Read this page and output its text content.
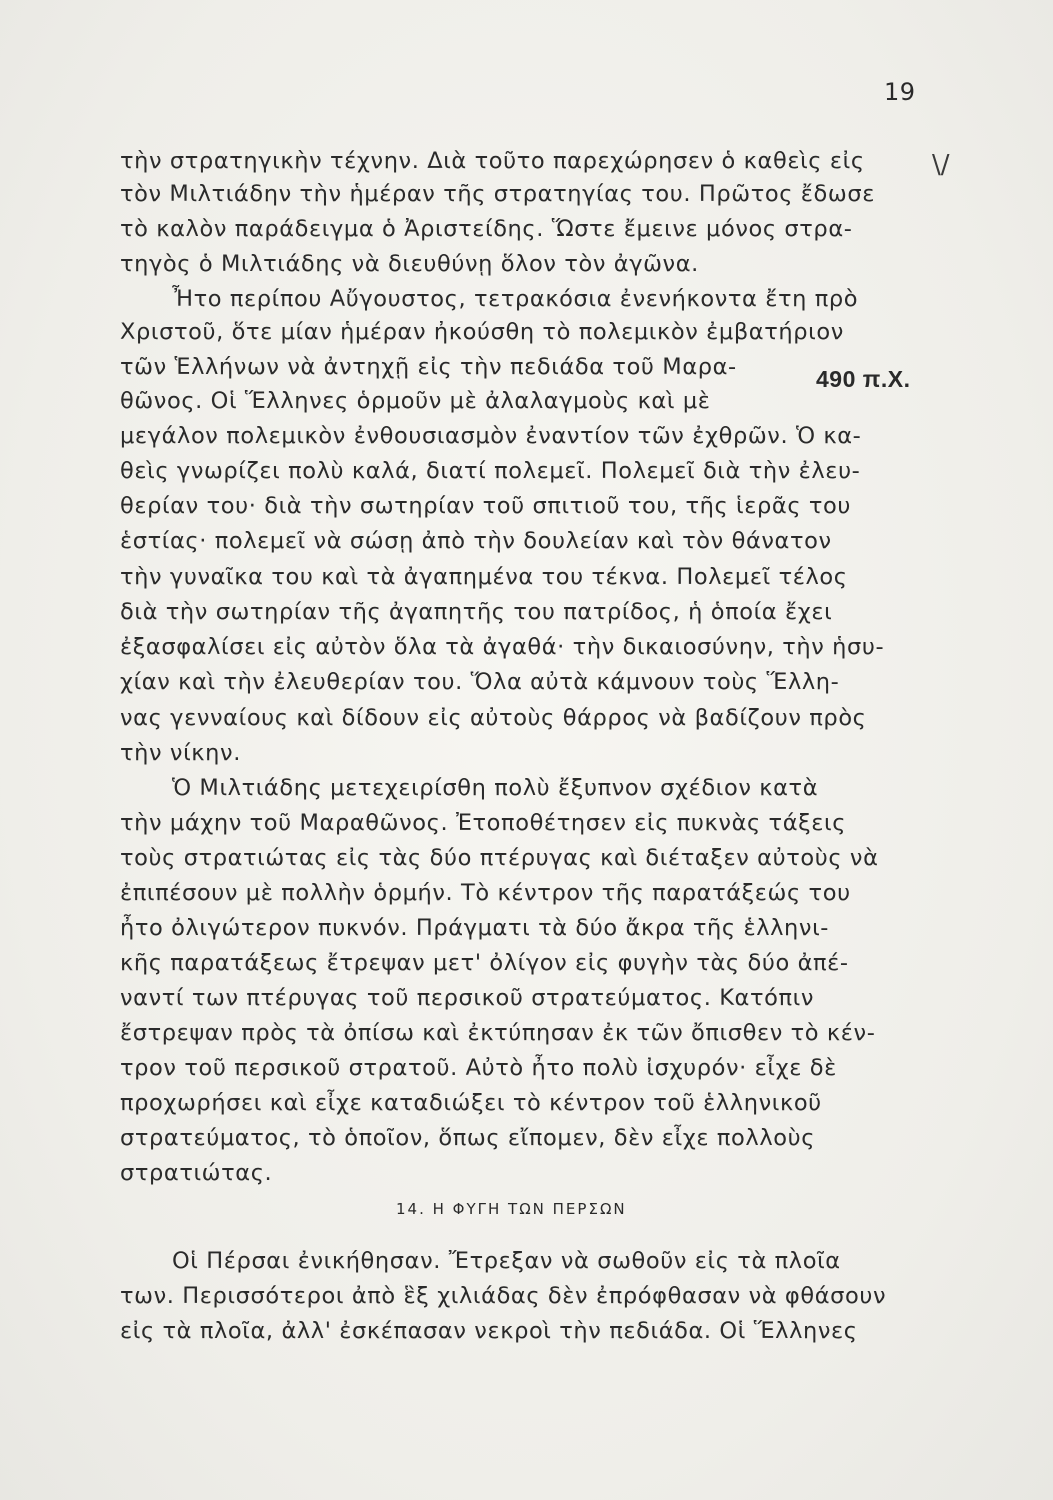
19
\/
τὴν στρατηγικὴν τέχνην. Διὰ τοῦτο παρεχώρησεν ὁ καθεὶς εἰς
τὸν Μιλτιάδην τὴν ἡμέραν τῆς στρατηγίας του. Πρῶτος ἔδωσε
τὸ καλὸν παράδειγμα ὁ Ἀριστείδης. Ὥστε ἔμεινε μόνος στρα-
τηγὸς ὁ Μιλτιάδης νὰ διευθύνῃ ὅλον τὸν ἀγῶνα.
Ἦτο περίπου Αὔγουστος, τετρακόσια ἐνενήκοντα ἔτη πρὸ
Χριστοῦ, ὅτε μίαν ἡμέραν ἠκούσθη τὸ πολεμικὸν ἐμβατήριον
τῶν Ἑλλήνων νὰ ἀντηχῇ εἰς τὴν πεδιάδα τοῦ Μαρα-	490 π.Χ.
θῶνος. Οἱ Ἕλληνες ὁρμοῦν μὲ ἀλαλαγμοὺς καὶ μὲ
μεγάλον πολεμικὸν ἐνθουσιασμὸν ἐναντίον τῶν ἐχθρῶν. Ὁ κα-
θεὶς γνωρίζει πολὺ καλά, διατί πολεμεῖ. Πολεμεῖ διὰ τὴν ἐλευ-
θερίαν του· διὰ τὴν σωτηρίαν τοῦ σπιτιοῦ του, τῆς ἱερᾶς του
ἑστίας· πολεμεῖ νὰ σώσῃ ἀπὸ τὴν δουλείαν καὶ τὸν θάνατον
τὴν γυναῖκα του καὶ τὰ ἀγαπημένα του τέκνα. Πολεμεῖ τέλος
διὰ τὴν σωτηρίαν τῆς ἀγαπητῆς του πατρίδος, ἡ ὁποία ἔχει
ἐξασφαλίσει εἰς αὐτὸν ὅλα τὰ ἀγαθά· τὴν δικαιοσύνην, τὴν ἡσυ-
χίαν καὶ τὴν ἐλευθερίαν του. Ὅλα αὐτὰ κάμνουν τοὺς Ἕλλη-
νας γενναίους καὶ δίδουν εἰς αὐτοὺς θάρρος νὰ βαδίζουν πρὸς
τὴν νίκην.
Ὁ Μιλτιάδης μετεχειρίσθη πολὺ ἔξυπνον σχέδιον κατὰ
τὴν μάχην τοῦ Μαραθῶνος. Ἐτοποθέτησεν εἰς πυκνὰς τάξεις
τοὺς στρατιώτας εἰς τὰς δύο πτέρυγας καὶ διέταξεν αὐτοὺς νὰ
ἐπιπέσουν μὲ πολλὴν ὁρμήν. Τὸ κέντρον τῆς παρατάξεώς του
ἦτο ὀλιγώτερον πυκνόν. Πράγματι τὰ δύο ἄκρα τῆς ἑλληνι-
κῆς παρατάξεως ἔτρεψαν μετ' ὀλίγον εἰς φυγὴν τὰς δύο ἀπέ-
ναντί των πτέρυγας τοῦ περσικοῦ στρατεύματος. Κατόπιν
ἔστρεψαν πρὸς τὰ ὀπίσω καὶ ἐκτύπησαν ἐκ τῶν ὄπισθεν τὸ κέν-
τρον τοῦ περσικοῦ στρατοῦ. Αὐτὸ ἦτο πολὺ ἰσχυρόν· εἶχε δὲ
προχωρήσει καὶ εἶχε καταδιώξει τὸ κέντρον τοῦ ἑλληνικοῦ
στρατεύματος, τὸ ὁποῖον, ὅπως εἴπομεν, δὲν εἶχε πολλοὺς
στρατιώτας.
14. Η ΦΥΓΗ ΤΩΝ ΠΕΡΣΩΝ
Οἱ Πέρσαι ἐνικήθησαν. Ἔτρεξαν νὰ σωθοῦν εἰς τὰ πλοῖα
των. Περισσότεροι ἀπὸ ἓξ χιλιάδας δὲν ἐπρόφθασαν νὰ φθάσουν
εἰς τὰ πλοῖα, ἀλλ' ἐσκέπασαν νεκροὶ τὴν πεδιάδα. Οἱ Ἕλληνες
